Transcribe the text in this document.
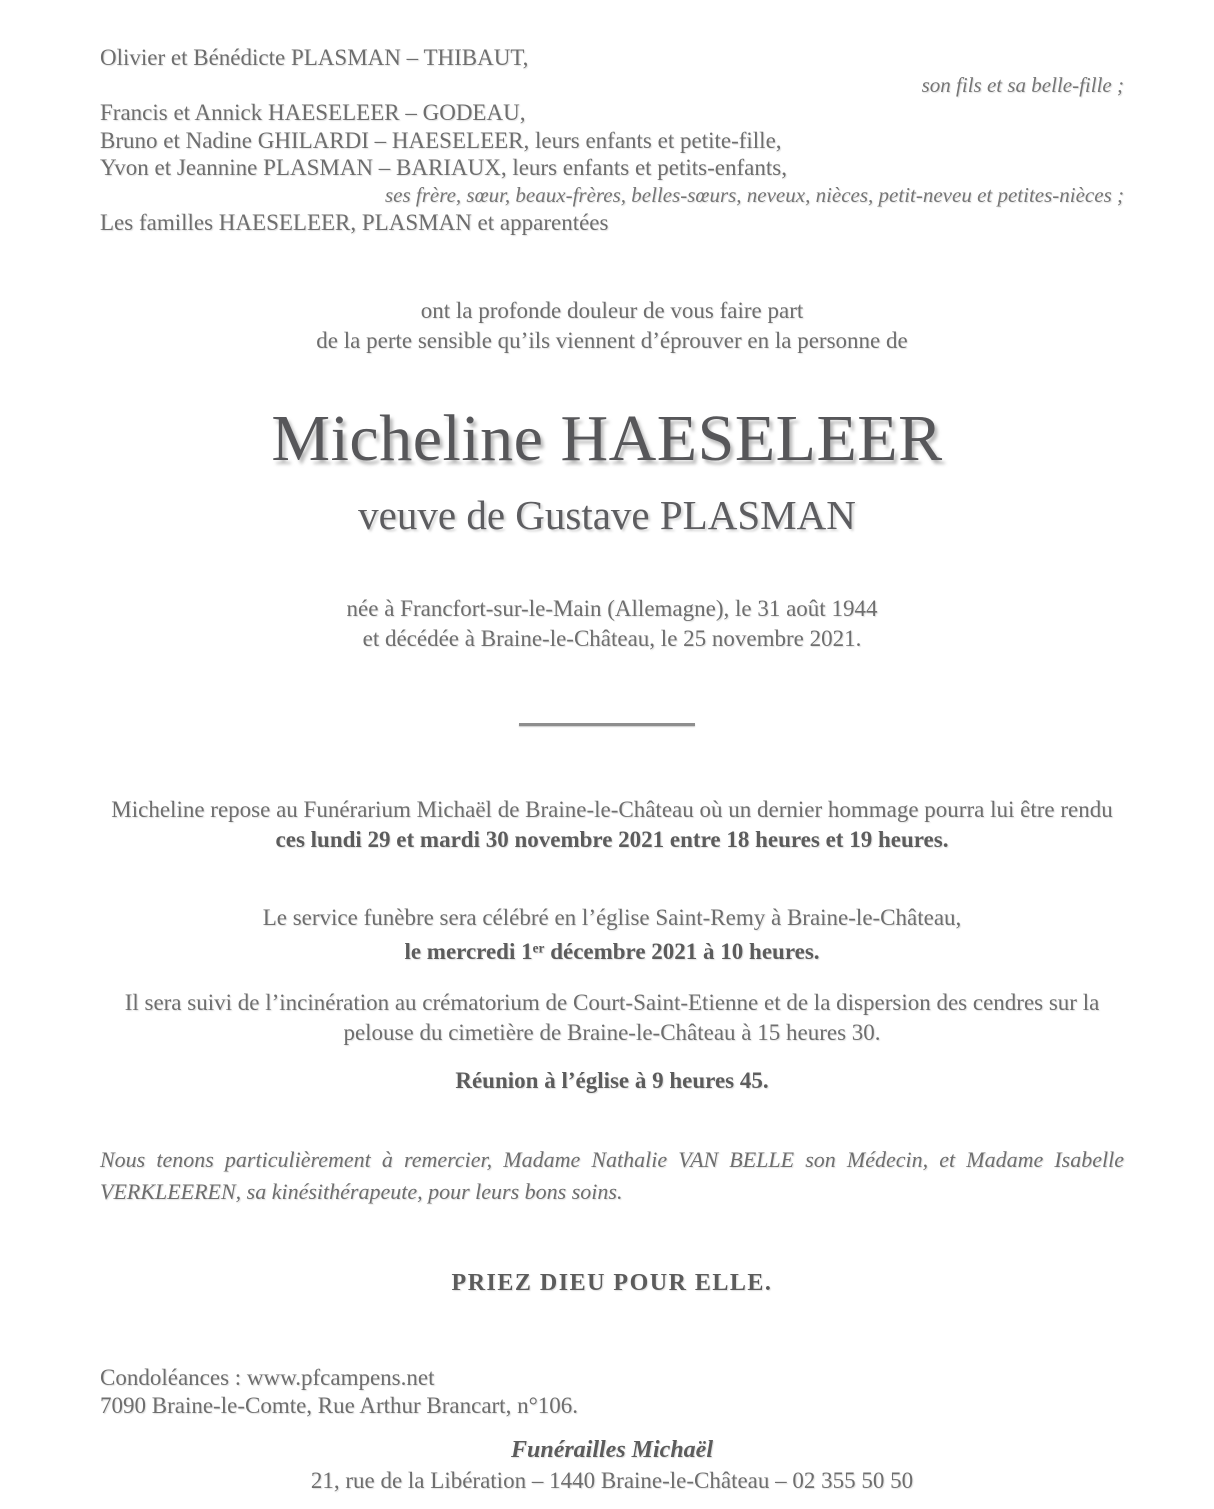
Olivier et Bénédicte PLASMAN – THIBAUT,
son fils et sa belle-fille ;
Francis et Annick HAESELEER – GODEAU,
Bruno et Nadine GHILARDI – HAESELEER, leurs enfants et petite-fille,
Yvon et Jeannine PLASMAN – BARIAUX, leurs enfants et petits-enfants,
ses frère, sœur, beaux-frères, belles-sœurs, neveux, nièces, petit-neveu et petites-nièces ;
Les familles HAESELEER, PLASMAN et apparentées
ont la profonde douleur de vous faire part
de la perte sensible qu’ils viennent d’éprouver en la personne de
Micheline HAESELEER
veuve de Gustave PLASMAN
née à Francfort-sur-le-Main (Allemagne), le 31 août 1944
et décédée à Braine-le-Château, le 25 novembre 2021.
Micheline repose au Funérarium Michaël de Braine-le-Château où un dernier hommage pourra lui être rendu
ces lundi 29 et mardi 30 novembre 2021 entre 18 heures et 19 heures.
Le service funèbre sera célébré en l’église Saint-Remy à Braine-le-Château,
le mercredi 1er décembre 2021 à 10 heures.
Il sera suivi de l’incinération au crématorium de Court-Saint-Etienne et de la dispersion des cendres sur la
pelouse du cimetière de Braine-le-Château à 15 heures 30.
Réunion à l’église à 9 heures 45.
Nous tenons particulièrement à remercier, Madame Nathalie VAN BELLE son Médecin, et Madame Isabelle
VERKLEEREN, sa kinésithérapeute, pour leurs bons soins.
PRIEZ DIEU POUR ELLE.
Condoléances : www.pfcampens.net
7090 Braine-le-Comte, Rue Arthur Brancart, n°106.
Funérailles Michaël
21, rue de la Libération – 1440 Braine-le-Château – 02 355 50 50
